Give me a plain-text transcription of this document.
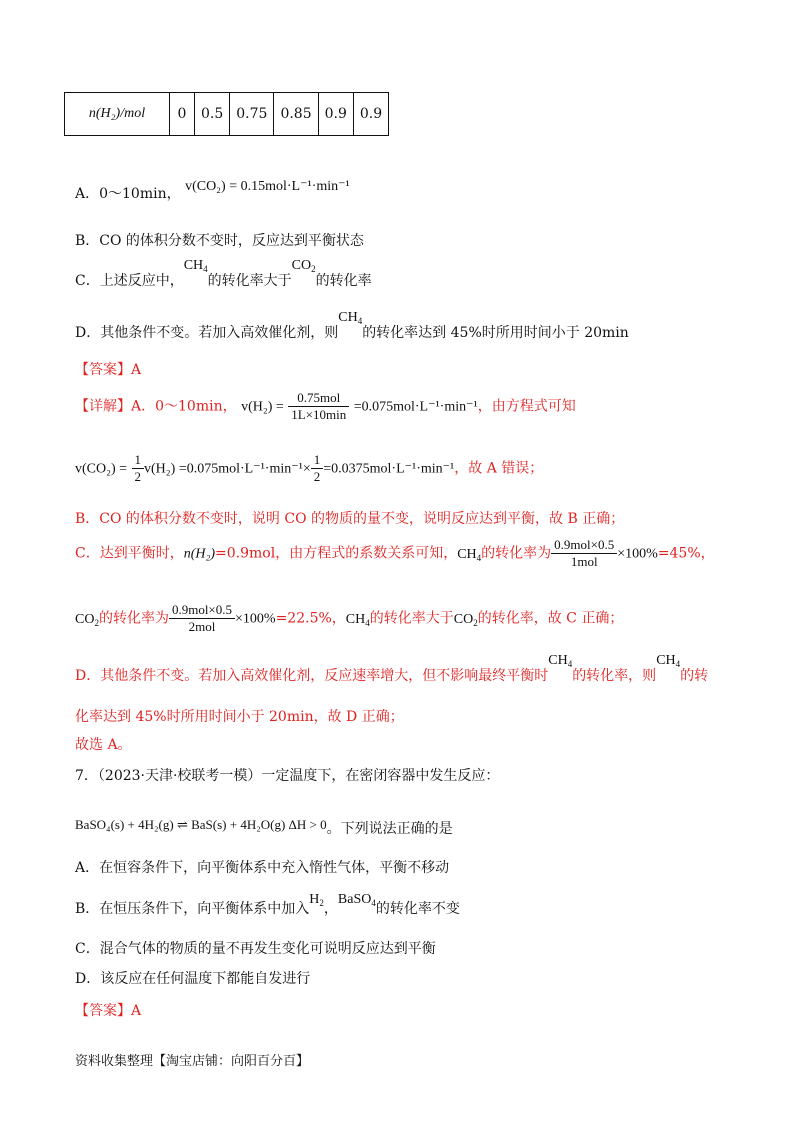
n(H₂)/mol	0	0.5	0.75	0.85	0.9	0.9
A．0～10min， v(CO₂) = 0.15mol·L⁻¹·min⁻¹
B．CO 的体积分数不变时，反应达到平衡状态
C．上述反应中，$CH_4$的转化率大于$CO_2$的转化率
D．其他条件不变。若加入高效催化剂，则$CH_4$的转化率达到 45%时所用时间小于 20min
【答案】A
【详解】A．0～10min， $v(H_2) = \frac{\text{0.75mol}}{1L\times 10\min} =0.075mol\cdot L^{-1}\cdot\min^{-1}$，由方程式可知
$v(CO_2) = \frac{1}{2} v(H_2) =0.075mol\cdot L^{-1}\cdot\min^{-1}\times \frac{1}{2} =0.0375mol\cdot L^{-1}\cdot\min^{-1}$，故 A 错误；
B．CO 的体积分数不变时，说明 CO 的物质的量不变，说明反应达到平衡，故 B 正确；
C．达到平衡时，n(H₂)=0.9mol，由方程式的系数关系可知，$CH_4$的转化率为 $\frac{\text{0.9mol×0.5}}{\text{1mol}} \times 100\%=45\%$，
$CO_2$的转化率为 $\frac{\text{0.9mol×0.5}}{\text{2mol}} \times 100\%=22.5\%$，$CH_4$的转化率大于$CO_2$的转化率，故 C 正确；
D．其他条件不变。若加入高效催化剂，反应速率增大，但不影响最终平衡时$CH_4$的转化率，则$CH_4$的转
化率达到 45%时所用时间小于 20min，故 D 正确；
故选 A。
7．（2023·天津·校联考一模）一定温度下，在密闭容器中发生反应：
BaSO₄(s) + 4H₂(g) ⇌ BaS(s) + 4H₂O(g) ΔH > 0。下列说法正确的是
A．在恒容条件下，向平衡体系中充入惰性气体，平衡不移动
B．在恒压条件下，向平衡体系中加入$H_2$，BaSO$_4$的转化率不变
C．混合气体的物质的量不再发生变化可说明反应达到平衡
D．该反应在任何温度下都能自发进行
【答案】A
资料收集整理【淘宝店铺：向阳百分百】
